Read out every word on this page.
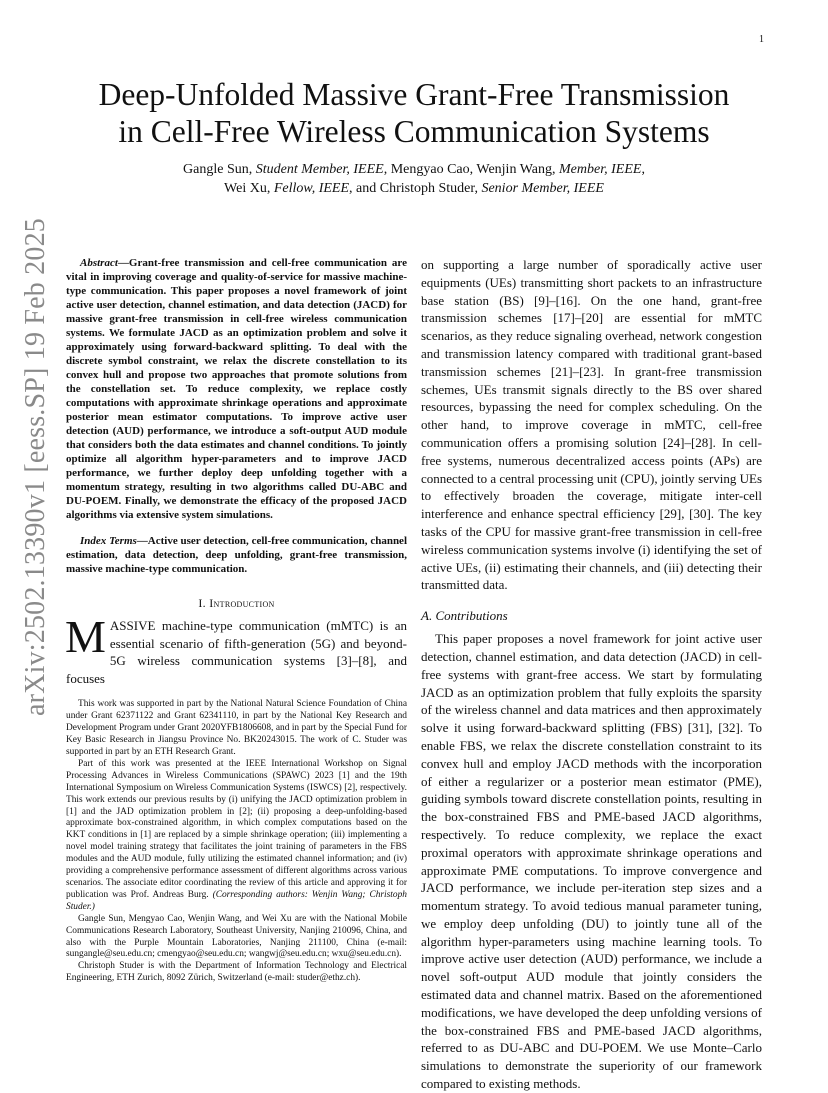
1
arXiv:2502.13390v1 [eess.SP] 19 Feb 2025
Deep-Unfolded Massive Grant-Free Transmission
in Cell-Free Wireless Communication Systems
Gangle Sun, Student Member, IEEE, Mengyao Cao, Wenjin Wang, Member, IEEE,
Wei Xu, Fellow, IEEE, and Christoph Studer, Senior Member, IEEE

Abstract—Grant-free transmission and cell-free communication are vital in improving coverage and quality-of-service for massive machine-type communication. This paper proposes a novel framework of joint active user detection, channel estimation, and data detection (JACD) for massive grant-free transmission in cell-free wireless communication systems. We formulate JACD as an optimization problem and solve it approximately using forward-backward splitting. To deal with the discrete symbol constraint, we relax the discrete constellation to its convex hull and propose two approaches that promote solutions from the constellation set. To reduce complexity, we replace costly computations with approximate shrinkage operations and approximate posterior mean estimator computations. To improve active user detection (AUD) performance, we introduce a soft-output AUD module that considers both the data estimates and channel conditions. To jointly optimize all algorithm hyper-parameters and to improve JACD performance, we further deploy deep unfolding together with a momentum strategy, resulting in two algorithms called DU-ABC and DU-POEM. Finally, we demonstrate the efficacy of the proposed JACD algorithms via extensive system simulations.

Index Terms—Active user detection, cell-free communication, channel estimation, data detection, deep unfolding, grant-free transmission, massive machine-type communication.

I. Introduction

MASSIVE machine-type communication (mMTC) is an essential scenario of fifth-generation (5G) and beyond-5G wireless communication systems [3]–[8], and focuses

This work was supported in part by the National Natural Science Foundation of China under Grant 62371122 and Grant 62341110, in part by the National Key Research and Development Program under Grant 2020YFB1806608, and in part by the Special Fund for Key Basic Research in Jiangsu Province No. BK20243015. The work of C. Studer was supported in part by an ETH Research Grant.

Part of this work was presented at the IEEE International Workshop on Signal Processing Advances in Wireless Communications (SPAWC) 2023 [1] and the 19th International Symposium on Wireless Communication Systems (ISWCS) [2], respectively. This work extends our previous results by (i) unifying the JACD optimization problem in [1] and the JAD optimization problem in [2]; (ii) proposing a deep-unfolding-based approximate box-constrained algorithm, in which complex computations based on the KKT conditions in [1] are replaced by a simple shrinkage operation; (iii) implementing a novel model training strategy that facilitates the joint training of parameters in the FBS modules and the AUD module, fully utilizing the estimated channel information; and (iv) providing a comprehensive performance assessment of different algorithms across various scenarios. The associate editor coordinating the review of this article and approving it for publication was Prof. Andreas Burg. (Corresponding authors: Wenjin Wang; Christoph Studer.)

Gangle Sun, Mengyao Cao, Wenjin Wang, and Wei Xu are with the National Mobile Communications Research Laboratory, Southeast University, Nanjing 210096, China, and also with the Purple Mountain Laboratories, Nanjing 211100, China (e-mail: sungangle@seu.edu.cn; cmengyao@seu.edu.cn; wangwj@seu.edu.cn; wxu@seu.edu.cn).

Christoph Studer is with the Department of Information Technology and Electrical Engineering, ETH Zurich, 8092 Zürich, Switzerland (e-mail: studer@ethz.ch).

on supporting a large number of sporadically active user equipments (UEs) transmitting short packets to an infrastructure base station (BS) [9]–[16]. On the one hand, grant-free transmission schemes [17]–[20] are essential for mMTC scenarios, as they reduce signaling overhead, network congestion and transmission latency compared with traditional grant-based transmission schemes [21]–[23]. In grant-free transmission schemes, UEs transmit signals directly to the BS over shared resources, bypassing the need for complex scheduling. On the other hand, to improve coverage in mMTC, cell-free communication offers a promising solution [24]–[28]. In cell-free systems, numerous decentralized access points (APs) are connected to a central processing unit (CPU), jointly serving UEs to effectively broaden the coverage, mitigate inter-cell interference and enhance spectral efficiency [29], [30]. The key tasks of the CPU for massive grant-free transmission in cell-free wireless communication systems involve (i) identifying the set of active UEs, (ii) estimating their channels, and (iii) detecting their transmitted data.

A. Contributions

This paper proposes a novel framework for joint active user detection, channel estimation, and data detection (JACD) in cell-free systems with grant-free access. We start by formulating JACD as an optimization problem that fully exploits the sparsity of the wireless channel and data matrices and then approximately solve it using forward-backward splitting (FBS) [31], [32]. To enable FBS, we relax the discrete constellation constraint to its convex hull and employ JACD methods with the incorporation of either a regularizer or a posterior mean estimator (PME), guiding symbols toward discrete constellation points, resulting in the box-constrained FBS and PME-based JACD algorithms, respectively. To reduce complexity, we replace the exact proximal operators with approximate shrinkage operations and approximate PME computations. To improve convergence and JACD performance, we include per-iteration step sizes and a momentum strategy. To avoid tedious manual parameter tuning, we employ deep unfolding (DU) to jointly tune all of the algorithm hyper-parameters using machine learning tools. To improve active user detection (AUD) performance, we include a novel soft-output AUD module that jointly considers the estimated data and channel matrix. Based on the aforementioned modifications, we have developed the deep unfolding versions of the box-constrained FBS and PME-based JACD algorithms, referred to as DU-ABC and DU-POEM. We use Monte–Carlo simulations to demonstrate the superiority of our framework compared to existing methods.
